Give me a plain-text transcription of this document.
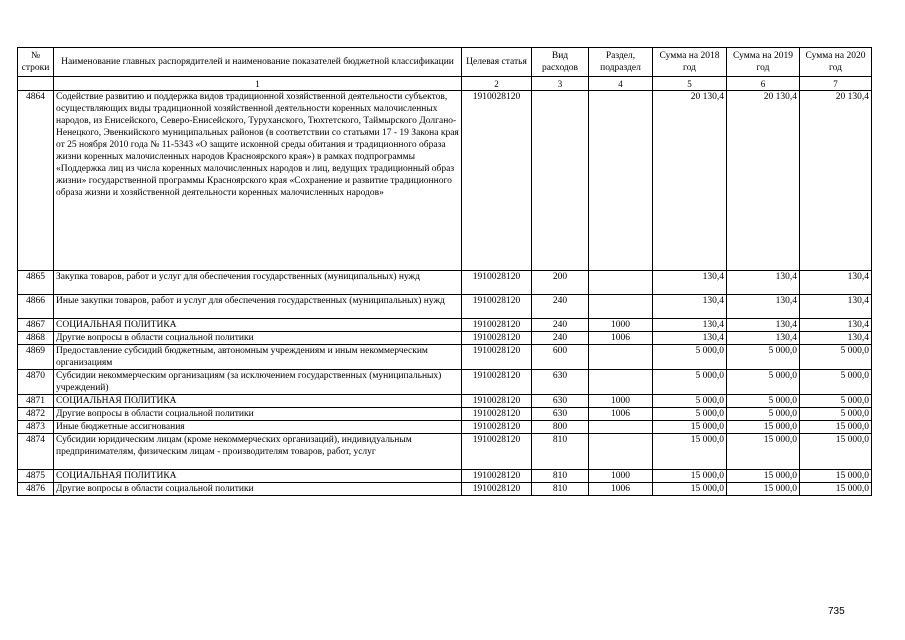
№ строки	Наименование главных распорядителей и наименование показателей бюджетной классификации	Целевая статья	Вид расходов	Раздел, подраздел	Сумма на 2018 год	Сумма на 2019 год	Сумма на 2020 год
	1	2	3	4	5	6	7
4864	Содействие развитию и поддержка видов традиционной хозяйственной деятельности субъектов, осуществляющих виды традиционной хозяйственной деятельности коренных малочисленных народов, из Енисейского, Северо-Енисейского, Туруханского, Тюхтетского, Таймырского Долгано-Ненецкого, Эвенкийского муниципальных районов (в соответствии со статьями 17 - 19 Закона края от 25 ноября 2010 года № 11-5343 «О защите исконной среды обитания и традиционного образа жизни коренных малочисленных народов Красноярского края») в рамках подпрограммы «Поддержка лиц из числа коренных малочисленных народов и лиц, ведущих традиционный образ жизни» государственной программы Красноярского края «Сохранение и развитие традиционного образа жизни и хозяйственной деятельности коренных малочисленных народов»	1910028120			20 130,4	20 130,4	20 130,4
4865	Закупка товаров, работ и услуг для обеспечения государственных (муниципальных) нужд	1910028120	200		130,4	130,4	130,4
4866	Иные закупки товаров, работ и услуг для обеспечения государственных (муниципальных) нужд	1910028120	240		130,4	130,4	130,4
4867	СОЦИАЛЬНАЯ ПОЛИТИКА	1910028120	240	1000	130,4	130,4	130,4
4868	Другие вопросы в области социальной политики	1910028120	240	1006	130,4	130,4	130,4
4869	Предоставление субсидий бюджетным, автономным учреждениям и иным некоммерческим организациям	1910028120	600		5 000,0	5 000,0	5 000,0
4870	Субсидии некоммерческим организациям (за исключением государственных (муниципальных) учреждений)	1910028120	630		5 000,0	5 000,0	5 000,0
4871	СОЦИАЛЬНАЯ ПОЛИТИКА	1910028120	630	1000	5 000,0	5 000,0	5 000,0
4872	Другие вопросы в области социальной политики	1910028120	630	1006	5 000,0	5 000,0	5 000,0
4873	Иные бюджетные ассигнования	1910028120	800		15 000,0	15 000,0	15 000,0
4874	Субсидии юридическим лицам (кроме некоммерческих организаций), индивидуальным предпринимателям, физическим лицам - производителям товаров, работ, услуг	1910028120	810		15 000,0	15 000,0	15 000,0
4875	СОЦИАЛЬНАЯ ПОЛИТИКА	1910028120	810	1000	15 000,0	15 000,0	15 000,0
4876	Другие вопросы в области социальной политики	1910028120	810	1006	15 000,0	15 000,0	15 000,0
735
